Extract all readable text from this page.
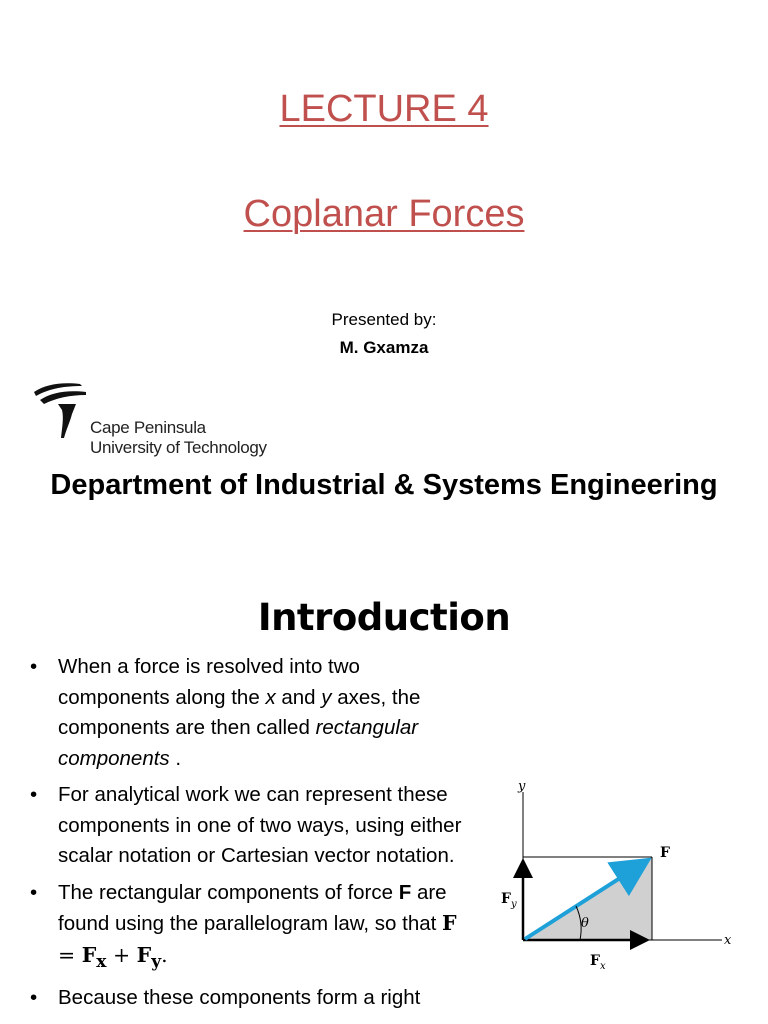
LECTURE 4
Coplanar Forces
Presented by:
M. Gxamza
Cape Peninsula
University of Technology
Department of Industrial & Systems Engineering
Introduction
• When a force is resolved into two components along the x and y axes, the components are then called rectangular components .
• For analytical work we can represent these components in one of two ways, using either scalar notation or Cartesian vector notation.
• The rectangular components of force F are found using the parallelogram law, so that $F = F_x + F_y$.
• Because these components form a right
θ
y
x
F
$F_y$
$F_x$
